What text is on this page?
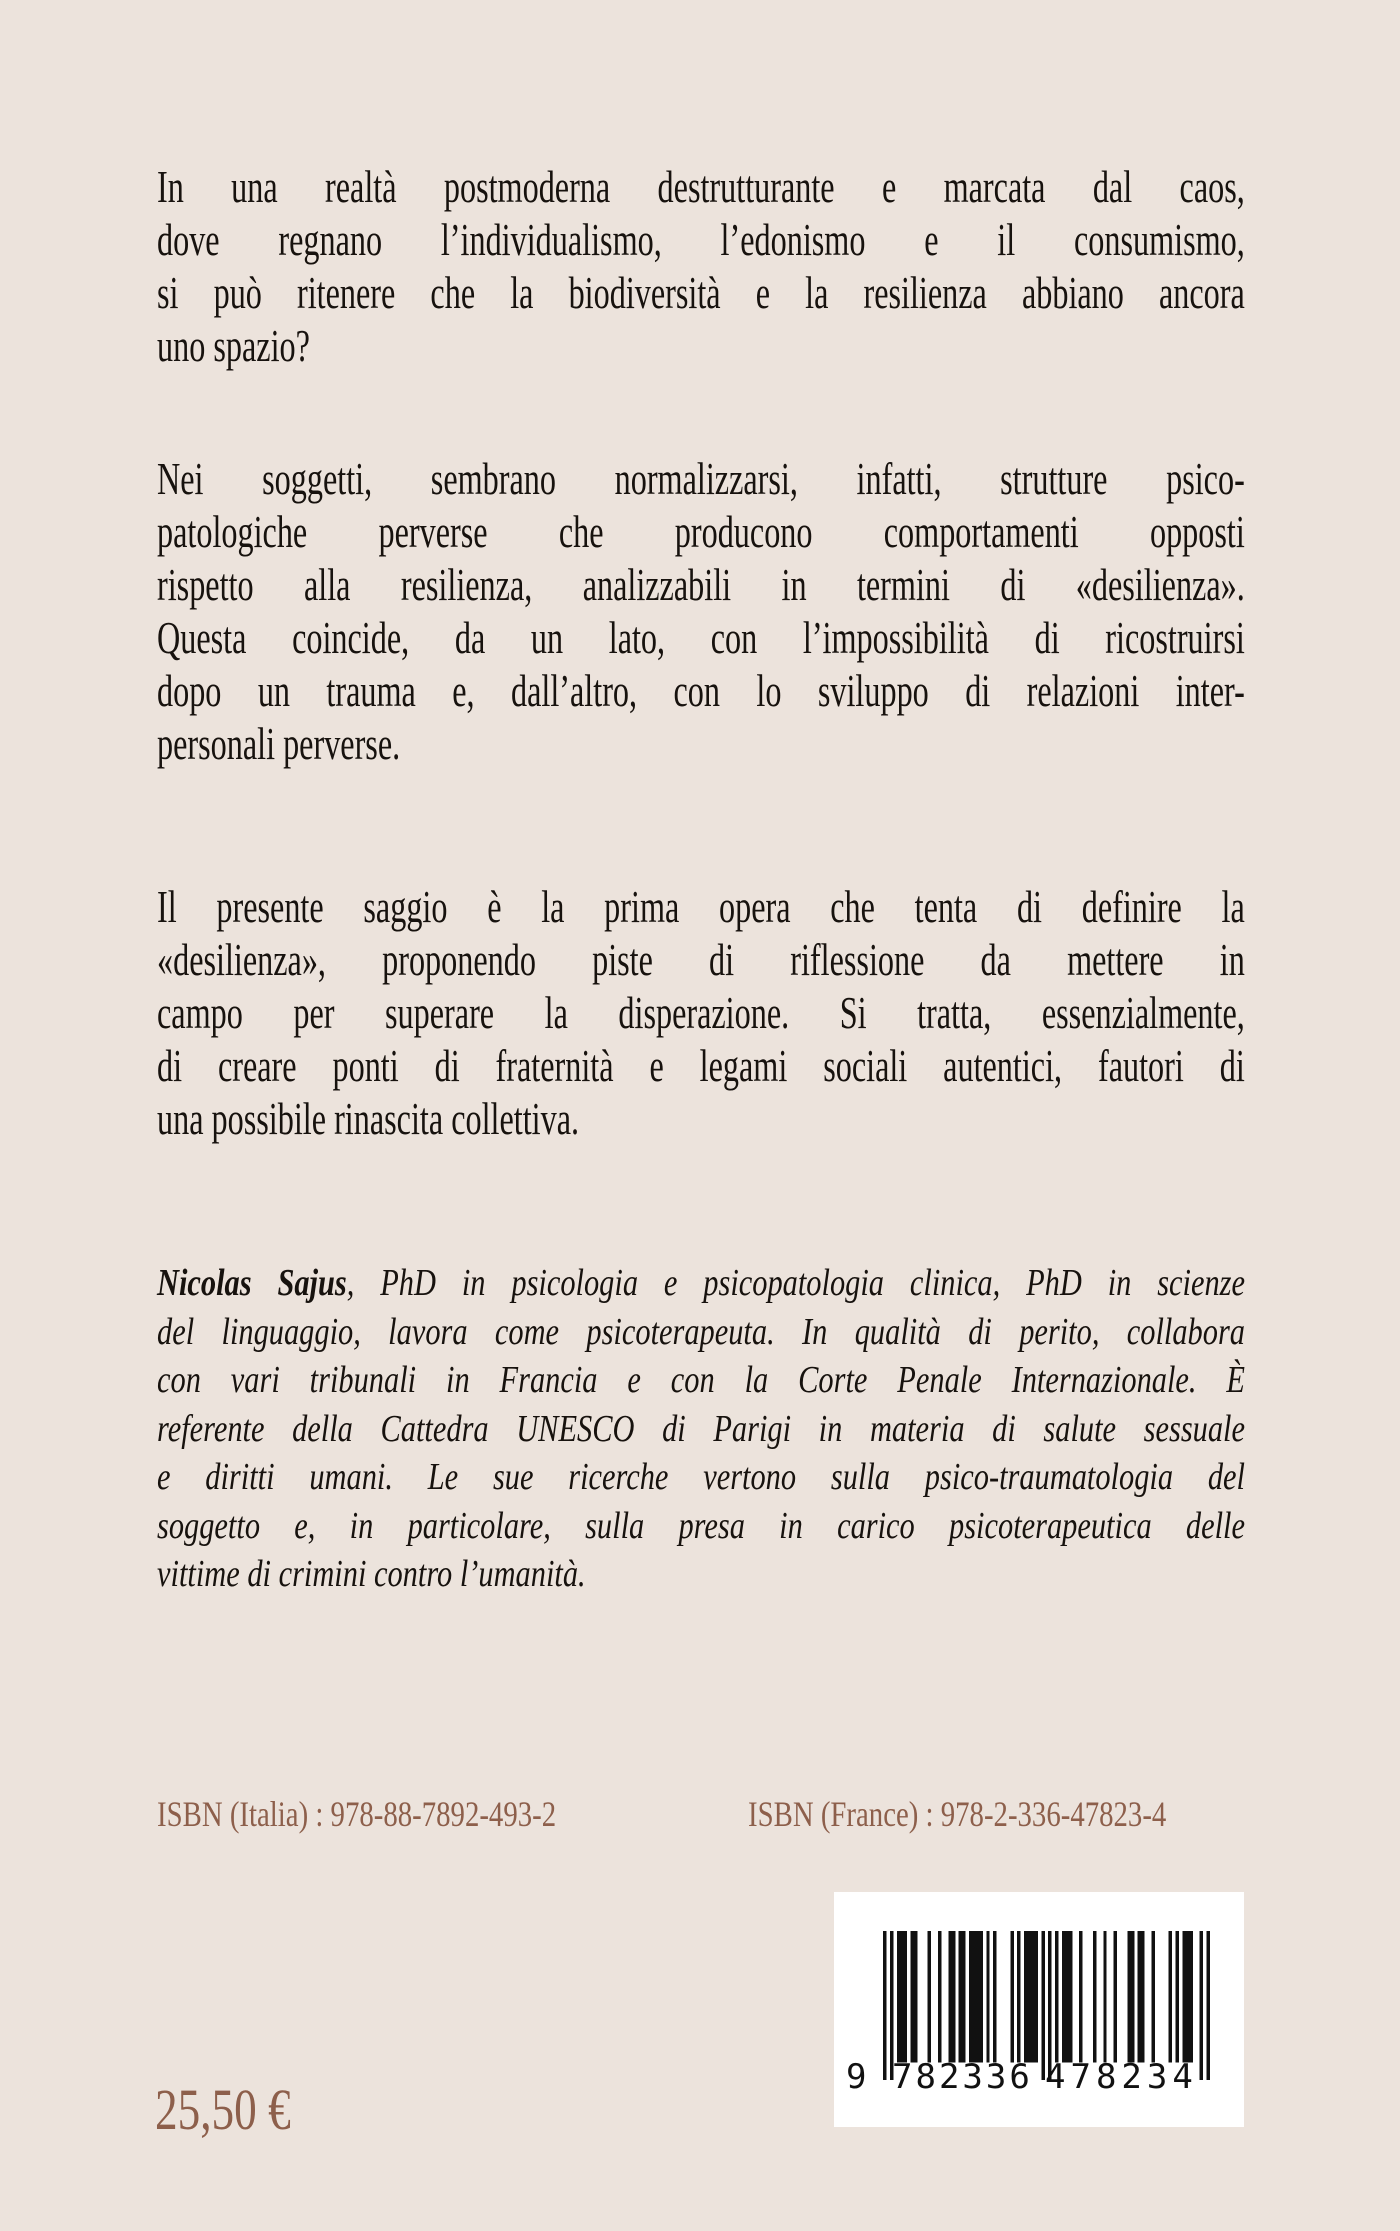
In una realtà postmoderna destrutturante e marcata dal caos,
dove regnano l’individualismo, l’edonismo e il consumismo,
si può ritenere che la biodiversità e la resilienza abbiano ancora
uno spazio?
Nei soggetti, sembrano normalizzarsi, infatti, strutture psico-
patologiche perverse che producono comportamenti opposti
rispetto alla resilienza, analizzabili in termini di «desilienza».
Questa coincide, da un lato, con l’impossibilità di ricostruirsi
dopo un trauma e, dall’altro, con lo sviluppo di relazioni inter-
personali perverse.
Il presente saggio è la prima opera che tenta di definire la
«desilienza», proponendo piste di riflessione da mettere in
campo per superare la disperazione. Si tratta, essenzialmente,
di creare ponti di fraternità e legami sociali autentici, fautori di
una possibile rinascita collettiva.
Nicolas Sajus, PhD in psicologia e psicopatologia clinica, PhD in scienze
del linguaggio, lavora come psicoterapeuta. In qualità di perito, collabora
con vari tribunali in Francia e con la Corte Penale Internazionale. È
referente della Cattedra UNESCO di Parigi in materia di salute sessuale
e diritti umani. Le sue ricerche vertono sulla psico-traumatologia del
soggetto e, in particolare, sulla presa in carico psicoterapeutica delle
vittime di crimini contro l’umanità.
ISBN (Italia) : 978-88-7892-493-2	ISBN (France) : 978-2-336-47823-4
9 782336 478234
25,50 €
